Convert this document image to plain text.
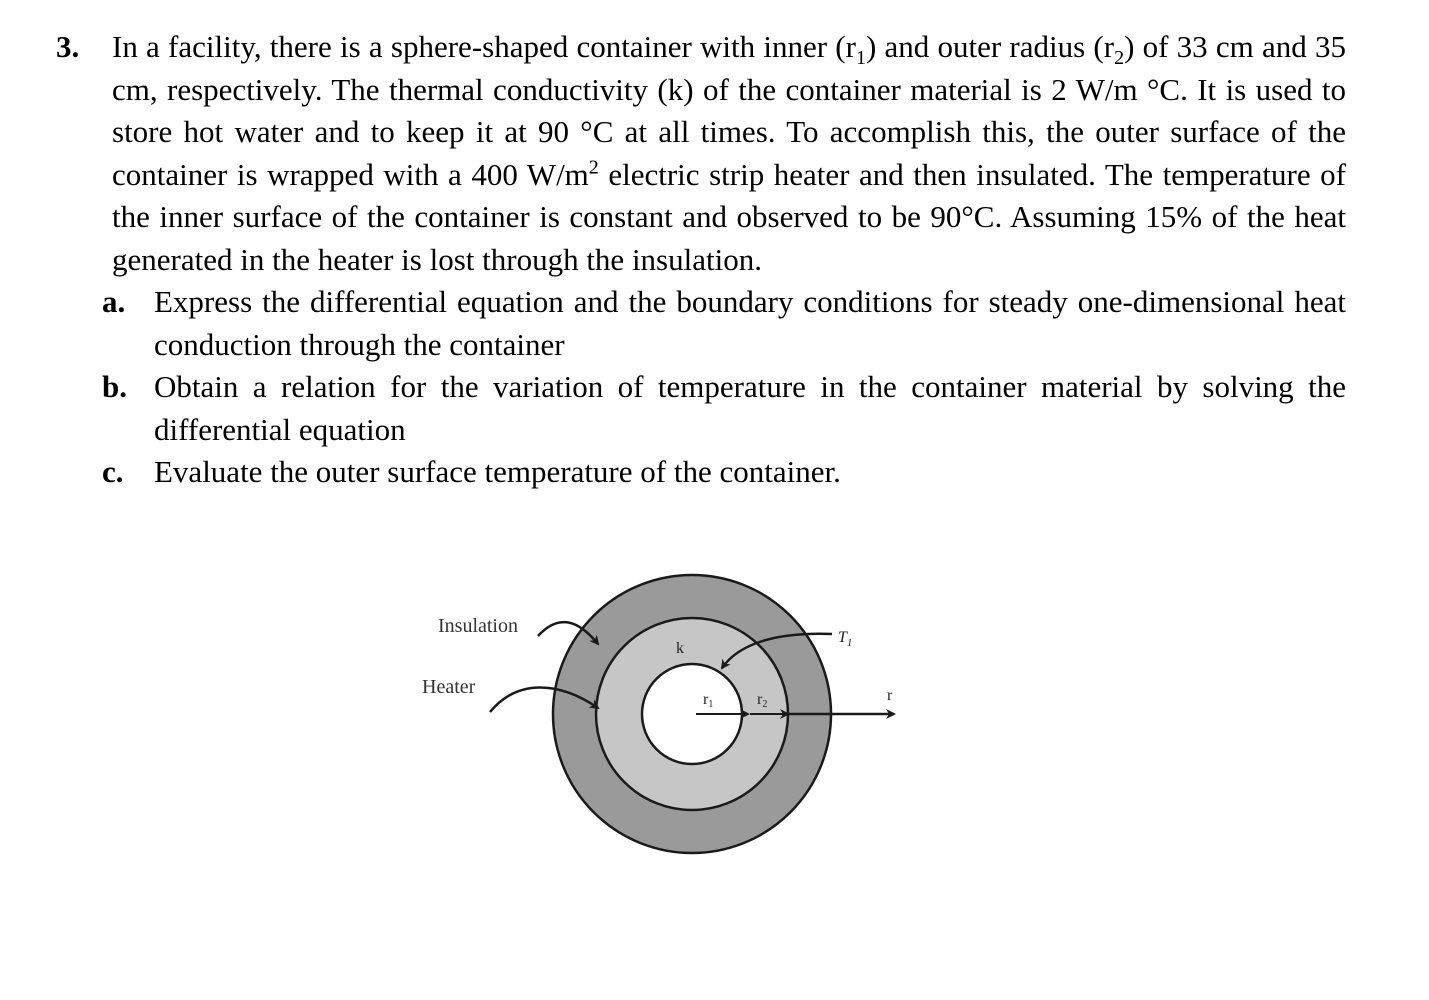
3.	In a facility, there is a sphere-shaped container with inner $(r_1)$ and outer radius $(r_2)$ of 33 cm and 35 cm, respectively. The thermal conductivity (k) of the container material is 2 W/m °C. It is used to store hot water and to keep it at 90 °C at all times. To accomplish this, the outer surface of the container is wrapped with a 400 $W/m^2$ electric strip heater and then insulated. The temperature of the inner surface of the container is constant and observed to be 90°C. Assuming 15% of the heat generated in the heater is lost through the insulation.
a. Express the differential equation and the boundary conditions for steady one-dimensional heat conduction through the container
b. Obtain a relation for the variation of temperature in the container material by solving the differential equation
c. Evaluate the outer surface temperature of the container.
Insulation
Heater
k
$T_1$
r1	r2
r
